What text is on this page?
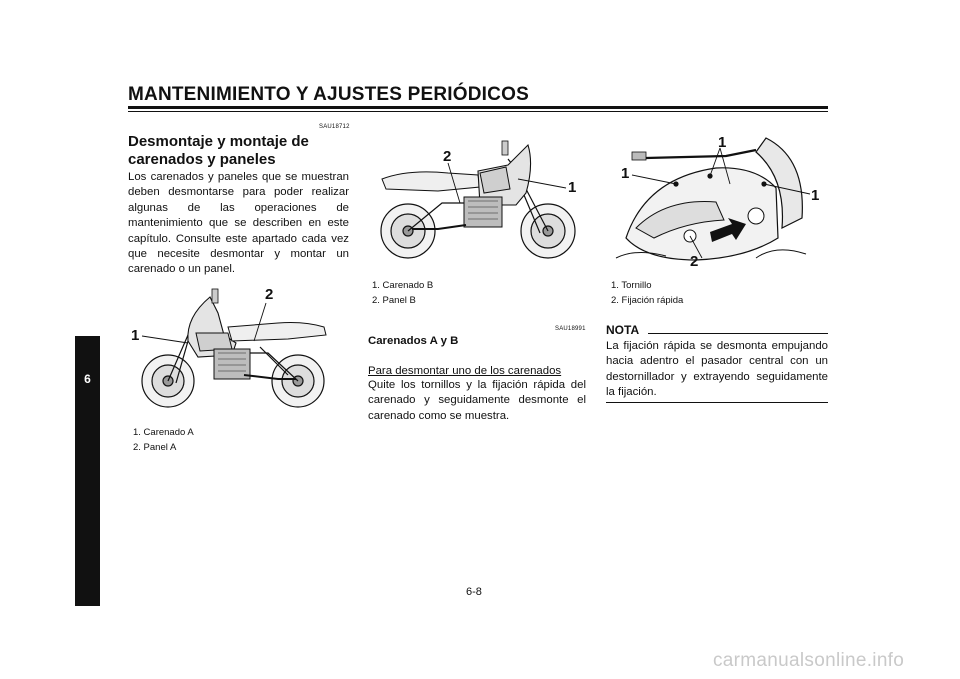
MANTENIMIENTO Y AJUSTES PERIÓDICOS
6
SAU18712
Desmontaje y montaje de carenados y paneles

Los carenados y paneles que se muestran deben desmontarse para poder realizar algunas de las operaciones de mantenimiento que se describen en este capítulo. Consulte este apartado cada vez que necesite desmontar y montar un carenado o un panel.

1
2
1. Carenado A
2. Panel A
2
1
1. Carenado B
2. Panel B
SAU18991
Carenados A y B
Para desmontar uno de los carenados

Quite los tornillos y la fijación rápida del carenado y seguidamente desmonte el carenado como se muestra.

1
1
1
2
1. Tornillo
2. Fijación rápida
NOTA

La fijación rápida se desmonta empujando hacia adentro el pasador central con un destornillador y extrayendo seguidamente la fijación.

6-8
carmanualsonline.info
